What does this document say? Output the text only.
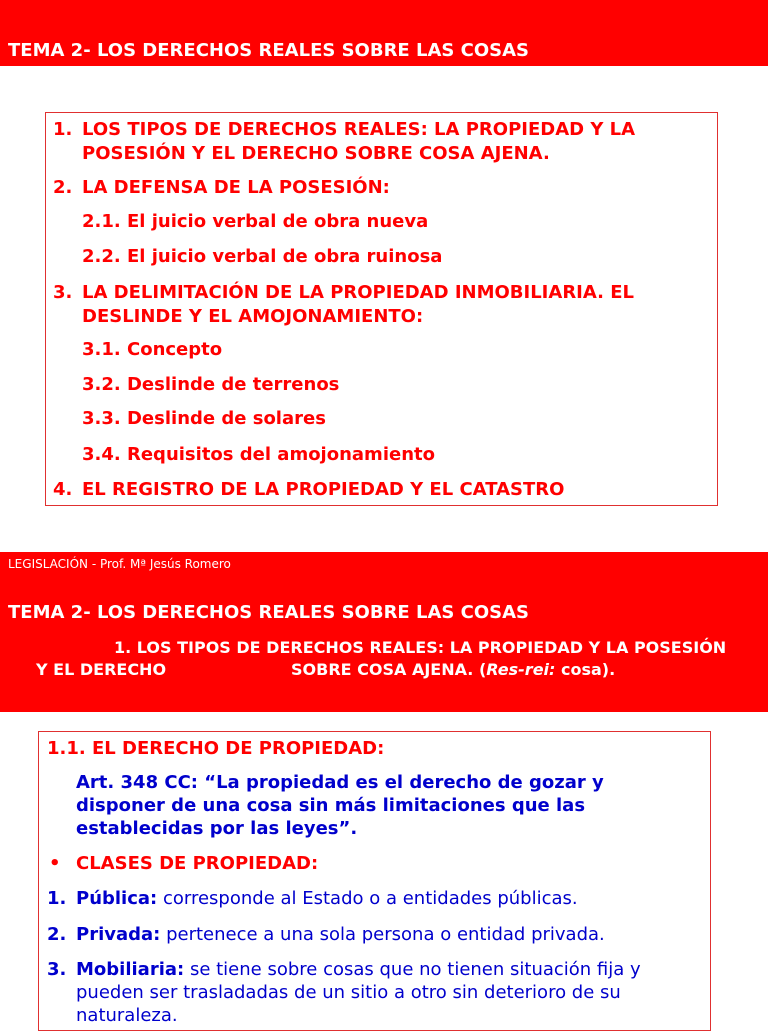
TEMA 2- LOS DERECHOS REALES SOBRE LAS COSAS
1. LOS TIPOS DE DERECHOS REALES: LA PROPIEDAD Y LA
POSESIÓN Y EL DERECHO SOBRE COSA AJENA.
2. LA DEFENSA DE LA POSESIÓN:
2.1. El juicio verbal de obra nueva
2.2. El juicio verbal de obra ruinosa
3. LA DELIMITACIÓN DE LA PROPIEDAD INMOBILIARIA. EL
DESLINDE Y EL AMOJONAMIENTO:
3.1. Concepto
3.2. Deslinde de terrenos
3.3. Deslinde de solares
3.4. Requisitos del amojonamiento
4. EL REGISTRO DE LA PROPIEDAD Y EL CATASTRO
LEGISLACIÓN - Prof. Mª Jesús Romero
TEMA 2- LOS DERECHOS REALES SOBRE LAS COSAS
1. LOS TIPOS DE DERECHOS REALES: LA PROPIEDAD Y LA POSESIÓN
Y EL DERECHO	SOBRE COSA AJENA. (Res-rei: cosa).
1.1. EL DERECHO DE PROPIEDAD:
Art. 348 CC: “La propiedad es el derecho de gozar y
disponer de una cosa sin más limitaciones que las
establecidas por las leyes”.
• CLASES DE PROPIEDAD:
1. Pública: corresponde al Estado o a entidades públicas.
2. Privada: pertenece a una sola persona o entidad privada.
3. Mobiliaria: se tiene sobre cosas que no tienen situación fija y
pueden ser trasladadas de un sitio a otro sin deterioro de su
naturaleza.
